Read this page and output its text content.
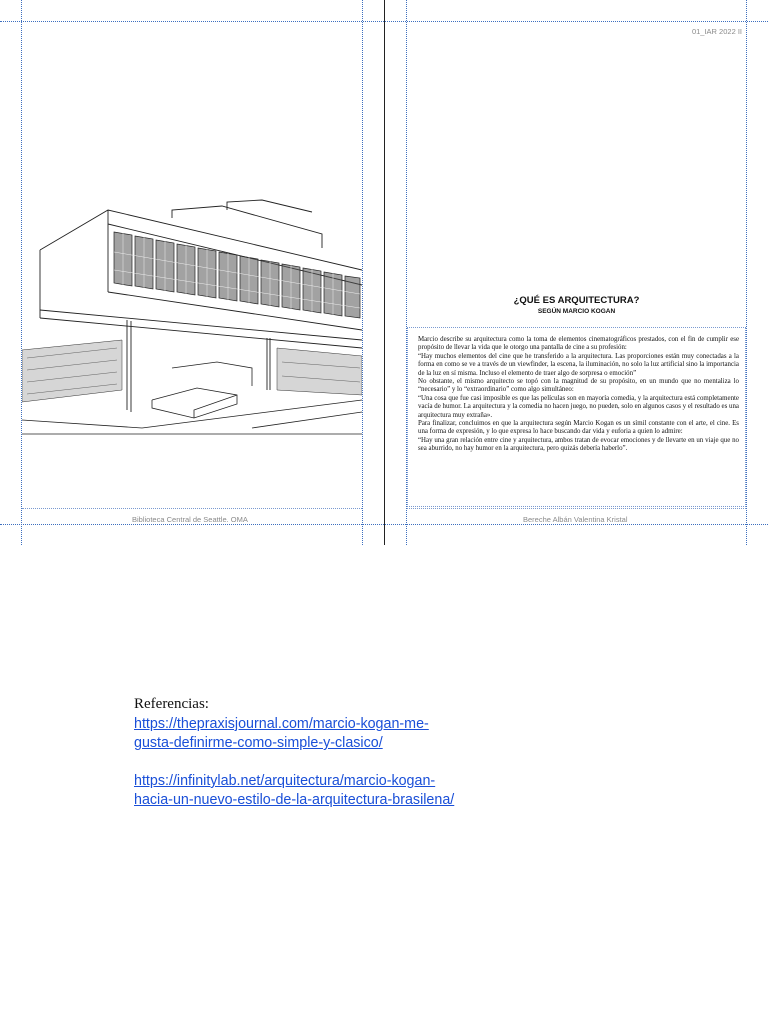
01_IAR 2022 II
Biblioteca Central de Seattle. OMA
¿QUÉ ES ARQUITECTURA?
SEGÚN MARCIO KOGAN

Marcio describe su arquitectura como la toma de elementos cinematográficos prestados, con el fin de cumplir ese propósito de llevar la vida que le otorgo una pantalla de cine a su profesión:

“Hay muchos elementos del cine que he transferido a la arquitectura. Las proporciones están muy conectadas a la forma en como se ve a través de un viewfinder, la escena, la iluminación, no solo la luz artificial sino la importancia de la luz en sí misma. Incluso el elemento de traer algo de sorpresa o emoción”

No obstante, el mismo arquitecto se topó con la magnitud de su propósito, en un mundo que no mentaliza lo “necesario” y lo “extraordinario” como algo simultáneo:

“Una cosa que fue casi imposible es que las películas son en mayoría comedia, y la arquitectura está completamente vacía de humor. La arquitectura y la comedia no hacen juego, no pueden, solo en algunos casos y el resultado es una arquitectura muy extraña».

Para finalizar, concluimos en que la arquitectura según Marcio Kogan es un símil constante con el arte, el cine. Es una forma de expresión, y lo que expresa lo hace buscando dar vida y euforia a quien lo admire:

“Hay una gran relación entre cine y arquitectura, ambos tratan de evocar emociones y de llevarte en un viaje que no sea aburrido, no hay humor en la arquitectura, pero quizás debería haberlo”.

Bereche Albán Valentina Kristal
Referencias:
https://thepraxisjournal.com/marcio-kogan-me-
gusta-definirme-como-simple-y-clasico/
https://infinitylab.net/arquitectura/marcio-kogan-
hacia-un-nuevo-estilo-de-la-arquitectura-brasilena/
